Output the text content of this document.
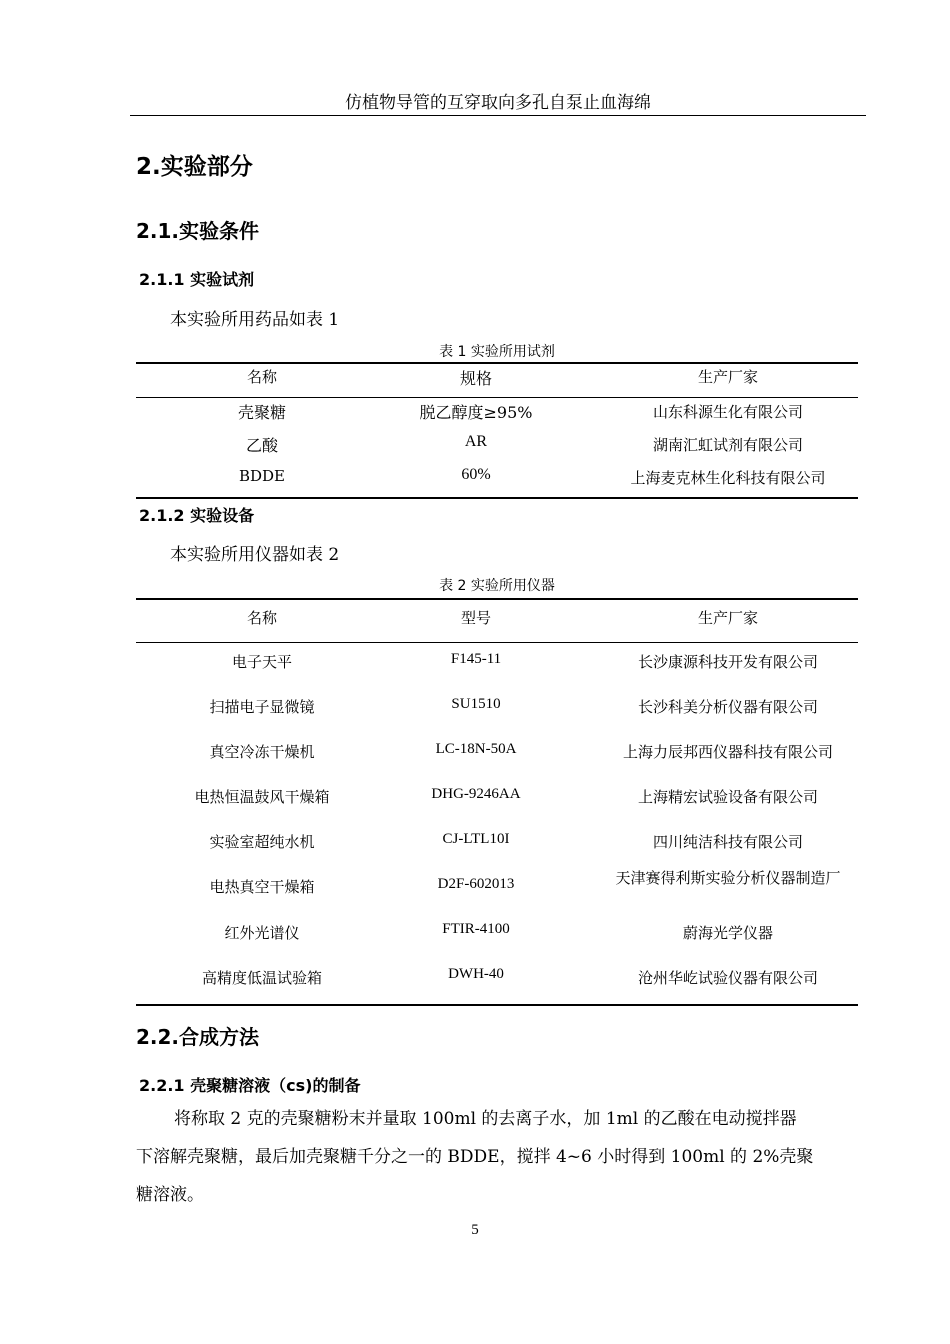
仿植物导管的互穿取向多孔自泵止血海绵
2.实验部分
2.1.实验条件
2.1.1 实验试剂
本实验所用药品如表 1
表 1 实验所用试剂
名称	规格	生产厂家
壳聚糖	脱乙醇度≥95%	山东科源生化有限公司
乙酸	AR	湖南汇虹试剂有限公司
BDDE	60%	上海麦克林生化科技有限公司
2.1.2 实验设备
本实验所用仪器如表 2
表 2 实验所用仪器
名称	型号	生产厂家
电子天平	F145-11	长沙康源科技开发有限公司
扫描电子显微镜	SU1510	长沙科美分析仪器有限公司
真空冷冻干燥机	LC-18N-50A	上海力辰邦西仪器科技有限公司
电热恒温鼓风干燥箱	DHG-9246AA	上海精宏试验设备有限公司
实验室超纯水机	CJ-LTL10I	四川纯洁科技有限公司
电热真空干燥箱	D2F-602013	天津赛得利斯实验分析仪器制造厂
红外光谱仪	FTIR-4100	蔚海光学仪器
高精度低温试验箱	DWH-40	沧州华屹试验仪器有限公司
2.2.合成方法
2.2.1 壳聚糖溶液（cs)的制备

将称取 2 克的壳聚糖粉末并量取 100ml 的去离子水，加 1ml 的乙酸在电动搅拌器

下溶解壳聚糖，最后加壳聚糖千分之一的 BDDE，搅拌 4~6 小时得到 100ml 的 2%壳聚

糖溶液。

5
